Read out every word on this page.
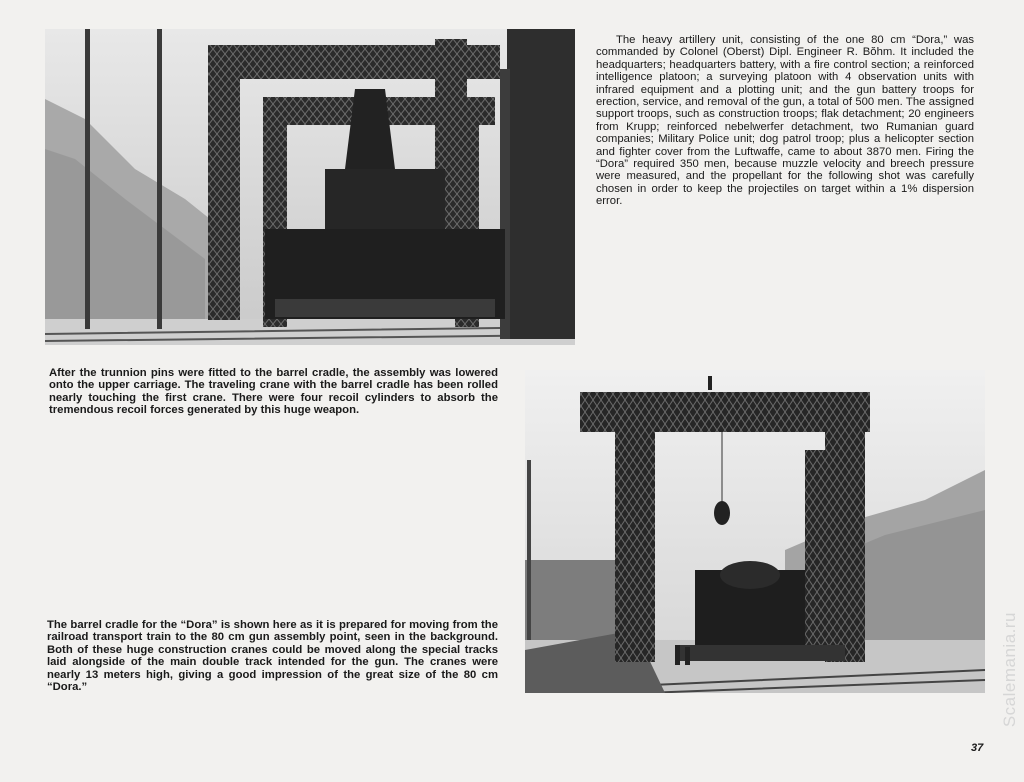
The heavy artillery unit, consisting of the one 80 cm “Dora,” was commanded by Colonel (Oberst) Dipl. Engineer R. Bŏhm. It included the headquarters; headquarters battery, with a fire control section; a reinforced intelligence platoon; a surveying platoon with 4 observation units with infrared equipment and a plotting unit; and the gun battery troops for erection, service, and removal of the gun, a total of 500 men. The assigned support troops, such as construction troops; flak detachment; 20 engineers from Krupp; reinforced nebelwerfer detachment, two Rumanian guard companies; Military Police unit; dog patrol troop; plus a helicopter section and fighter cover from the Luftwaffe, came to about 3870 men. Firing the “Dora” required 350 men, because muzzle velocity and breech pressure were measured, and the propellant for the following shot was carefully chosen in order to keep the projectiles on target within a 1% dispersion error.

After the trunnion pins were fitted to the barrel cradle, the assembly was lowered onto the upper carriage. The traveling crane with the barrel cradle has been rolled nearly touching the first crane. There were four recoil cylinders to absorb the tremendous recoil forces generated by this huge weapon.

The barrel cradle for the “Dora” is shown here as it is prepared for moving from the railroad transport train to the 80 cm gun assembly point, seen in the background. Both of these huge construction cranes could be moved along the special tracks laid alongside of the main double track intended for the gun. The cranes were nearly 13 meters high, giving a good impression of the great size of the 80 cm “Dora.”

37
Scalemania.ru
